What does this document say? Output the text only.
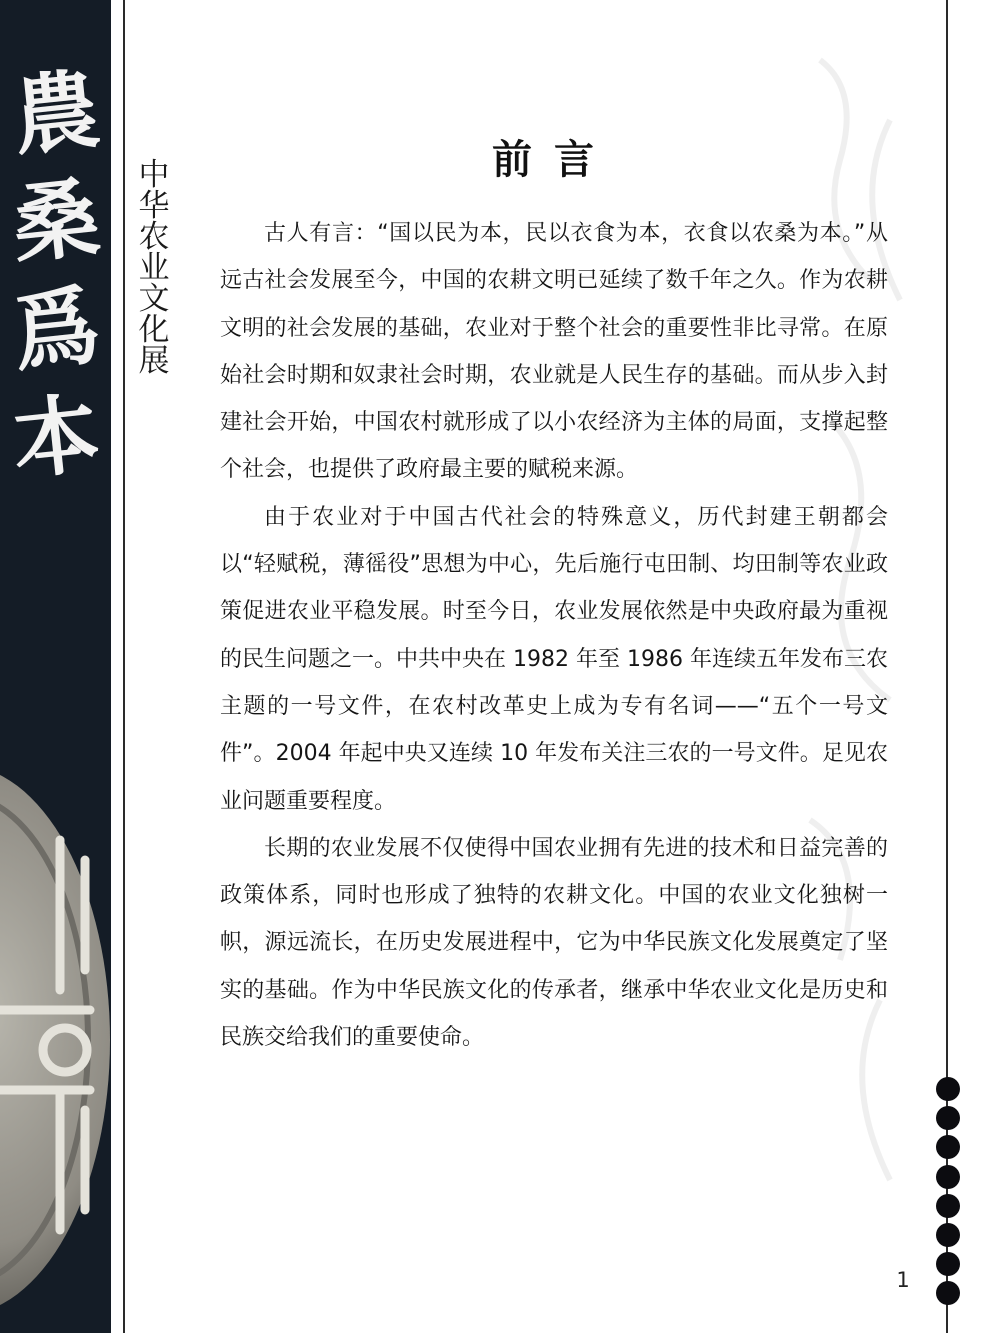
農
桑
爲
本
中
华
农
业
文
化
展
前言

古人有言：“国以民为本，民以衣食为本，衣食以农桑为本。”从远古社会发展至今，中国的农耕文明已延续了数千年之久。作为农耕文明的社会发展的基础，农业对于整个社会的重要性非比寻常。在原始社会时期和奴隶社会时期，农业就是人民生存的基础。而从步入封建社会开始，中国农村就形成了以小农经济为主体的局面，支撑起整个社会，也提供了政府最主要的赋税来源。

由于农业对于中国古代社会的特殊意义，历代封建王朝都会以“轻赋税，薄徭役”思想为中心，先后施行屯田制、均田制等农业政策促进农业平稳发展。时至今日，农业发展依然是中央政府最为重视的民生问题之一。中共中央在 1982 年至 1986 年连续五年发布三农主题的一号文件，在农村改革史上成为专有名词——“五个一号文件”。2004 年起中央又连续 10 年发布关注三农的一号文件。足见农业问题重要程度。

长期的农业发展不仅使得中国农业拥有先进的技术和日益完善的政策体系，同时也形成了独特的农耕文化。中国的农业文化独树一帜，源远流长，在历史发展进程中，它为中华民族文化发展奠定了坚实的基础。作为中华民族文化的传承者，继承中华农业文化是历史和民族交给我们的重要使命。

1
